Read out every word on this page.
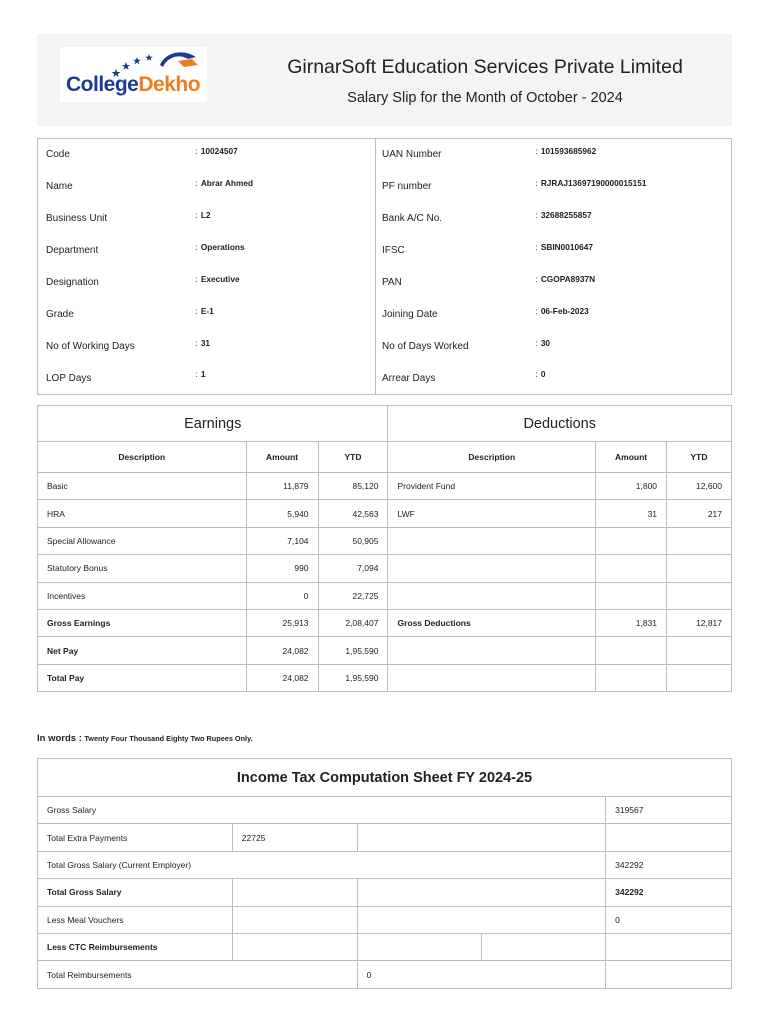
CollegeDekho
GirnarSoft Education Services Private Limited
Salary Slip for the Month of October - 2024
Code	: 10024507	UAN Number	: 101593685962
Name	: Abrar Ahmed	PF number	: RJRAJ13697190000015151
Business Unit	: L2	Bank A/C No.	: 32688255857
Department	: Operations	IFSC	: SBIN0010647
Designation	: Executive	PAN	: CGOPA8937N
Grade	: E-1	Joining Date	: 06-Feb-2023
No of Working Days	: 31	No of Days Worked	: 30
LOP Days	: 1	Arrear Days	: 0
Earnings			Deductions		
Description	Amount	YTD	Description	Amount	YTD
Basic	11,879	85,120	Provident Fund	1,800	12,600
HRA	5,940	42,563	LWF	31	217
Special Allowance	7,104	50,905			
Statutory Bonus	990	7,094			
Incentives	0	22,725			
Gross Earnings	25,913	2,08,407	Gross Deductions	1,831	12,817
Net Pay	24,082	1,95,590			
Total Pay	24,082	1,95,590			
In words : Twenty Four Thousand Eighty Two Rupees Only.
Income Tax Computation Sheet FY 2024-25				
Gross Salary				319567
Total Extra Payments	22725			
Total Gross Salary (Current Employer)				342292
Total Gross Salary				342292
Less Meal Vouchers				0
Less CTC Reimbursements				
Total Reimbursements		0		
